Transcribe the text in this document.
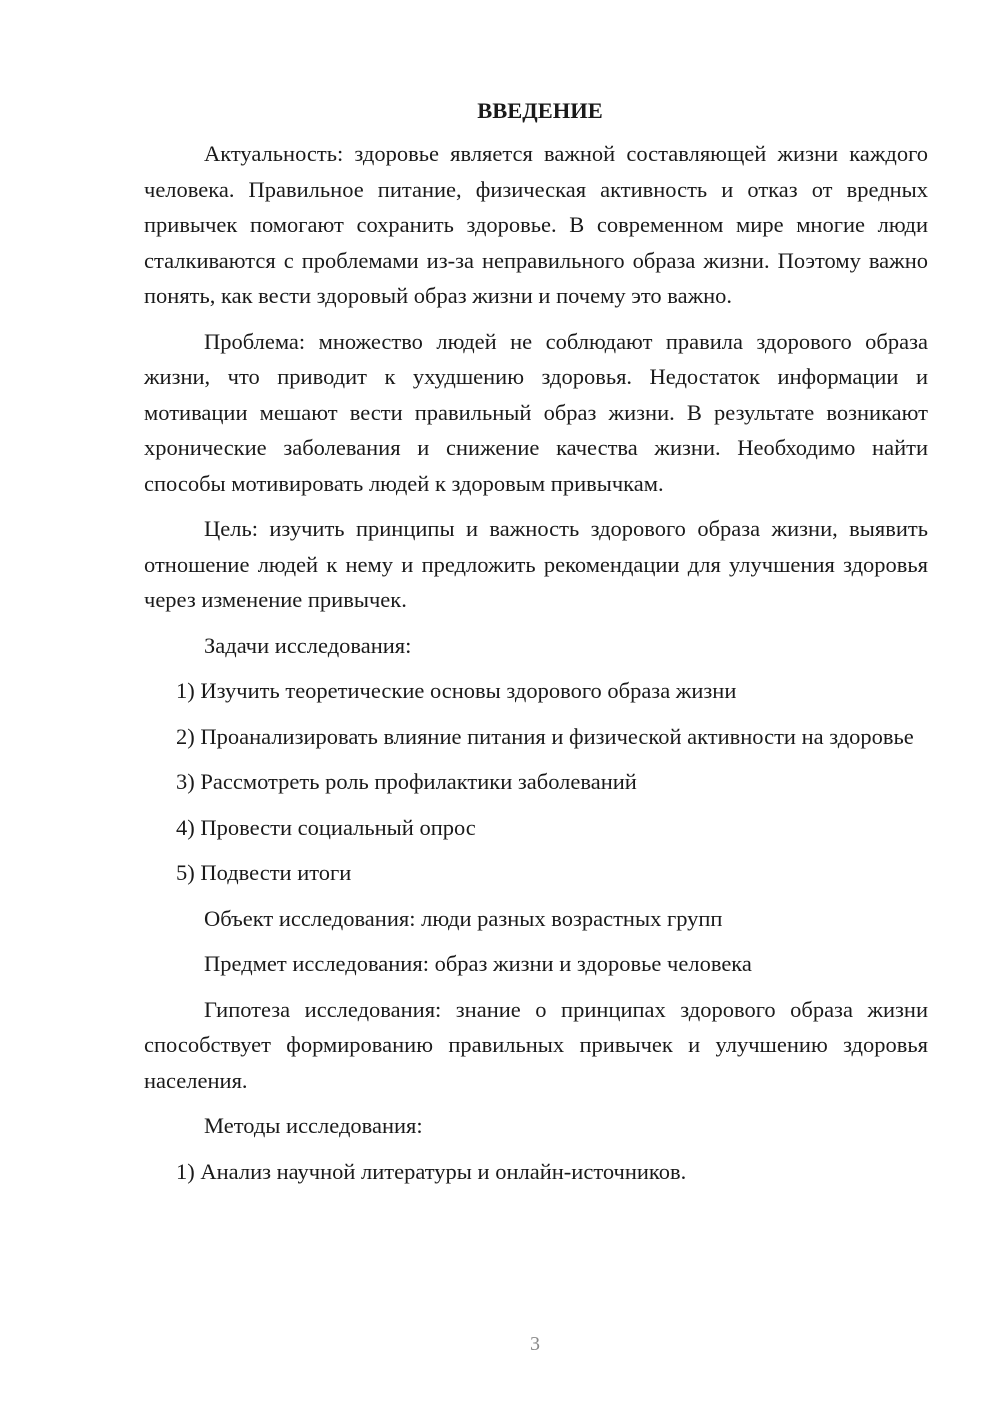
ВВЕДЕНИЕ

Актуальность: здоровье является важной составляющей жизни каждого человека. Правильное питание, физическая активность и отказ от вредных привычек помогают сохранить здоровье. В современном мире многие люди сталкиваются с проблемами из-за неправильного образа жизни. Поэтому важно понять, как вести здоровый образ жизни и почему это важно.

Проблема: множество людей не соблюдают правила здорового образа жизни, что приводит к ухудшению здоровья. Недостаток информации и мотивации мешают вести правильный образ жизни. В результате возникают хронические заболевания и снижение качества жизни. Необходимо найти способы мотивировать людей к здоровым привычкам.

Цель: изучить принципы и важность здорового образа жизни, выявить отношение людей к нему и предложить рекомендации для улучшения здоровья через изменение привычек.

Задачи исследования:

1) Изучить теоретические основы здорового образа жизни

2) Проанализировать влияние питания и физической активности на здоровье

3) Рассмотреть роль профилактики заболеваний

4) Провести социальный опрос

5) Подвести итоги

Объект исследования: люди разных возрастных групп

Предмет исследования: образ жизни и здоровье человека

Гипотеза исследования: знание о принципах здорового образа жизни способствует формированию правильных привычек и улучшению здоровья населения.

Методы исследования:

1) Анализ научной литературы и онлайн-источников.

3
